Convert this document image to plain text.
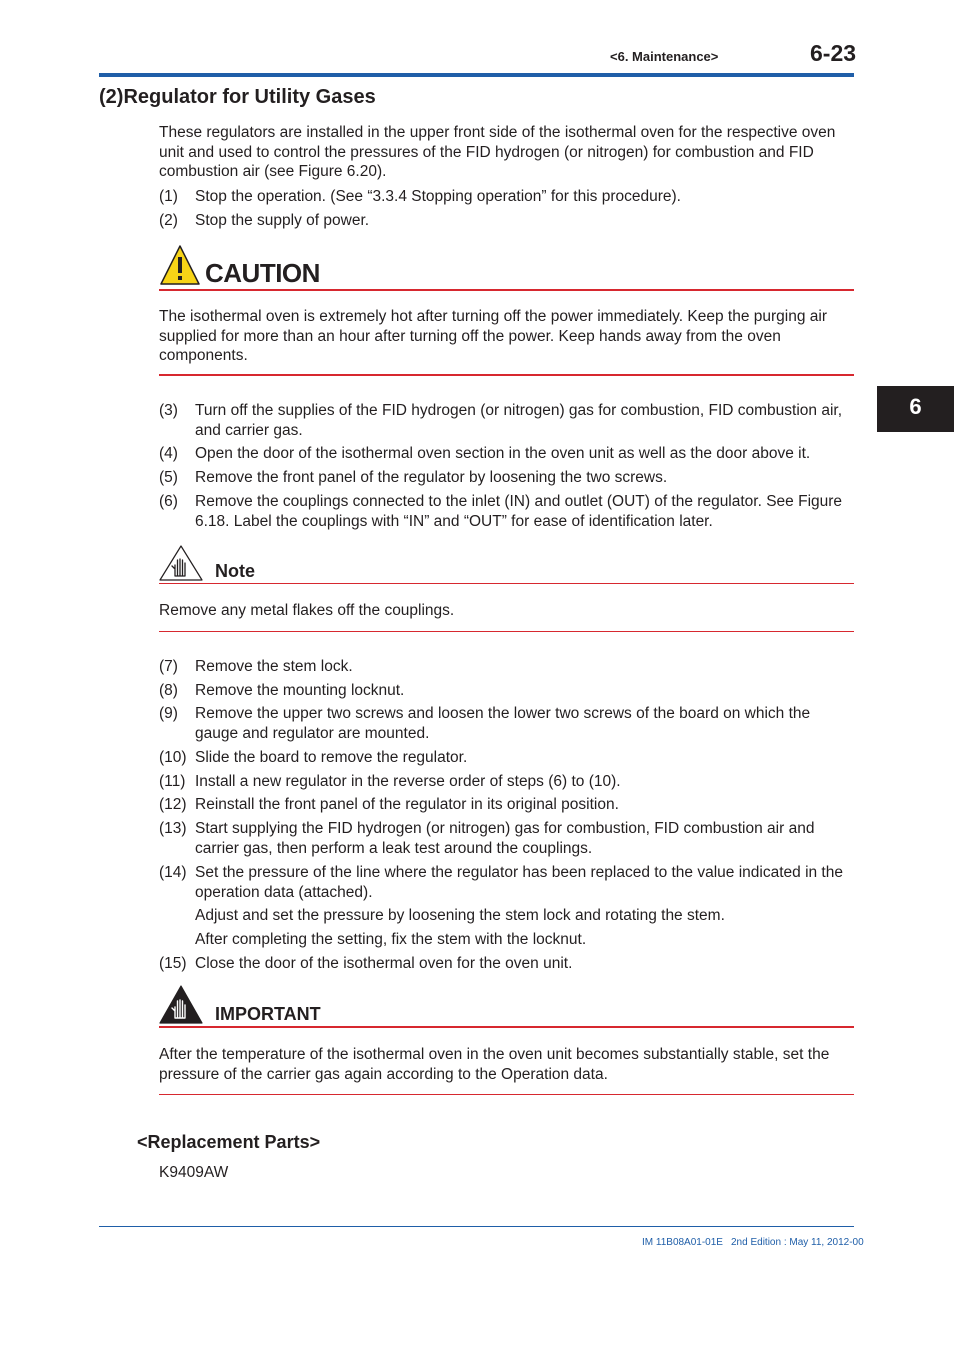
<6. Maintenance>	6-23
6
(2)Regulator for Utility Gases
These regulators are installed in the upper front side of the isothermal oven for the respective oven unit and used to control the pressures of the FID hydrogen (or nitrogen) for combustion and FID combustion air (see Figure 6.20).
(1) Stop the operation. (See “3.3.4 Stopping operation” for this procedure).
(2) Stop the supply of power.
CAUTION
The isothermal oven is extremely hot after turning off the power immediately. Keep the purging air supplied for more than an hour after turning off the power. Keep hands away from the oven components.
(3) Turn off the supplies of the FID hydrogen (or nitrogen) gas for combustion, FID combustion air, and carrier gas.
(4) Open the door of the isothermal oven section in the oven unit as well as the door above it.
(5) Remove the front panel of the regulator by loosening the two screws.
(6) Remove the couplings connected to the inlet (IN) and outlet (OUT) of the regulator. See Figure 6.18. Label the couplings with “IN” and “OUT” for ease of identification later.
Note
Remove any metal flakes off the couplings.
(7) Remove the stem lock.
(8) Remove the mounting locknut.
(9) Remove the upper two screws and loosen the lower two screws of the board on which the gauge and regulator are mounted.
(10) Slide the board to remove the regulator.
(11) Install a new regulator in the reverse order of steps (6) to (10).
(12) Reinstall the front panel of the regulator in its original position.
(13) Start supplying the FID hydrogen (or nitrogen) gas for combustion, FID combustion air and carrier gas, then perform a leak test around the couplings.
(14) Set the pressure of the line where the regulator has been replaced to the value indicated in the operation data (attached).
Adjust and set the pressure by loosening the stem lock and rotating the stem.
After completing the setting, fix the stem with the locknut.
(15) Close the door of the isothermal oven for the oven unit.
IMPORTANT
After the temperature of the isothermal oven in the oven unit becomes substantially stable, set the pressure of the carrier gas again according to the Operation data.
<Replacement Parts>
K9409AW
IM 11B08A01-01E 2nd Edition : May 11, 2012-00
